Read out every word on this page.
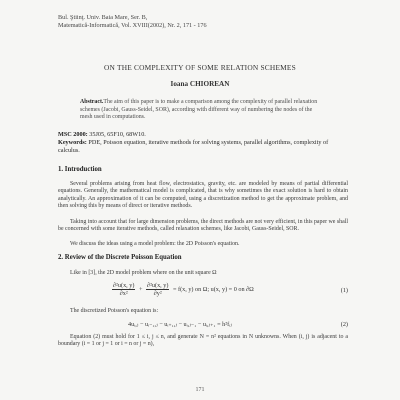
Bul. Ştiinţ. Univ. Baia Mare, Ser. B,
Matematică-Informatică, Vol. XVIII(2002), Nr. 2, 171 - 176
ON THE COMPLEXITY OF SOME RELATION SCHEMES
Ioana CHIOREAN
Abstract.The aim of this paper is to make a comparison among the complexity of parallel relaxation schemes (Jacobi, Gauss-Seidel, SOR), according with different way of numbering the nodes of the mesh used in computations.
MSC 2000: 35J05, 65F10, 68W10.
Keywords: PDE, Poisson equation, iterative methods for solving systems, parallel algorithms, complexity of calculus.
1. Introduction
Several problems arising from heat flow, electrostatics, gravity, etc. are modeled by means of partial differential equations. Generally, the mathematical model is complicated, that is why sometimes the exact solution is hard to obtain analytically. An approximation of it can be computed, using a discretization method to get the approximate problem, and then solving this by means of direct or iterative methods.
Taking into account that for large dimension problems, the direct methods are not very efficient, in this paper we shall be concerned with some iterative methods, called relaxation schemes, like Jacobi, Gauss-Seidel, SOR.
We discuss the ideas using a model problem: the 2D Poisson's equation.
2. Review of the Discrete Poisson Equation
Like in [3], the 2D model problem where on the unit square Ω
$\frac{\text{∂²u(x, y)}}{\text{∂x²}} + \frac{\text{∂²u(x, y)}}{\text{∂y²}} = f(x$, y) on Ω; u(x, y) = 0 on ∂Ω	(1)
The discretized Poisson's equation is:
4uᵢ,ⱼ − uᵢ₋₁,ⱼ − uᵢ₊₁,ⱼ − uᵢ,ⱼ₋₁ − uᵢ,ⱼ₊₁ = h²fᵢⱼ	(2)
Equation (2) must hold for 1 ≤ i, j ≤ n, and generate N = n² equations in N unknowns. When (i, j) is adjacent to a boundary (i = 1 or j = 1 or i = n or j = n),
171
